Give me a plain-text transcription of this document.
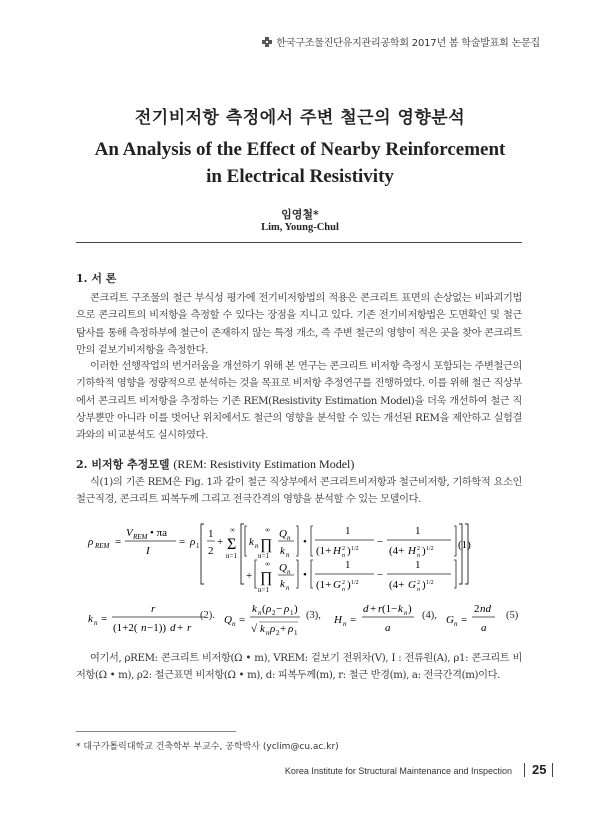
한국구조물진단유지관리공학회 2017년 봄 학술발표회 논문집
전기비저항 측정에서 주변 철근의 영향분석
An Analysis of the Effect of Nearby Reinforcement
in Electrical Resistivity
임영철*
Lim, Young-Chul
1. 서 론
콘크리트 구조물의 철근 부식성 평가에 전기비저항법의 적용은 콘크리트 표면의 손상없는 비파괴기법으로 콘크리트의 비저항을 측정할 수 있다는 장점을 지니고 있다. 기존 전기비저항법은 도면확인 및 철근탐사를 통해 측정하부에 철근이 존재하지 않는 특정 개소, 즉 주변 철근의 영향이 적은 곳을 찾아 콘크리트만의 겉보기비저항을 측정한다.
이러한 선행작업의 번거러움을 개선하기 위해 본 연구는 콘크리트 비저항 측정시 포함되는 주변철근의 기하학적 영향을 정량적으로 분석하는 것을 목표로 비저항 추정연구를 진행하였다. 이를 위해 철근 직상부에서 콘크리트 비저항을 추정하는 기존 REM(Resistivity Estimation Model)을 더욱 개선하여 철근 직상부뿐만 아니라 이를 벗어난 위치에서도 철근의 영향을 분석할 수 있는 개선된 REM을 제안하고 실험결과와의 비교분석도 실시하였다.
2. 비저항 추정모델 (REM: Resistivity Estimation Model)
식(1)의 기존 REM은 Fig. 1과 같이 철근 직상부에서 콘크리트비저항과 철근비저항, 기하학적 요소인 철근직경, 콘크리트 피복두께 그리고 전극간격의 영향을 분석할 수 있는 모델이다.
ρ REM =
V REM • πa
I
= ρ 1
1
2
+ Σ
∞
n=1
k n ∏
∞
n=1
Q n
k n
•
1
(1+ H 2
n ) 1/2
−
1
(4+ H 2
n ) 1/2
+ ∏
∞
n=1
Q n
k n
•
1
(1+ G 2
n ) 1/2
−
1
(4+ G 2
n ) 1/2
(1)
k n =
r
(1+2( n −1)) d + r
Q n =
k n ( ρ 2 − ρ 1 )
√ k n ρ 2 + ρ 1
H n =
d + r (1− k n )
a
G n =
2 nd
a
(2).	(3),	(4),	(5)
여기서, ρREM: 콘크리트 비저항(Ω • m), VREM: 겉보기 전위차(V), I : 전류원(A), ρ1: 콘크리트 비저항(Ω • m), ρ2: 철근표면 비저항(Ω • m), d: 피복두께(m), r: 철근 반경(m), a: 전극간격(m)이다.
* 대구가톨릭대학교 건축학부 부교수, 공학박사 (yclim@cu.ac.kr)
Korea Institute for Structural Maintenance and Inspection 25
